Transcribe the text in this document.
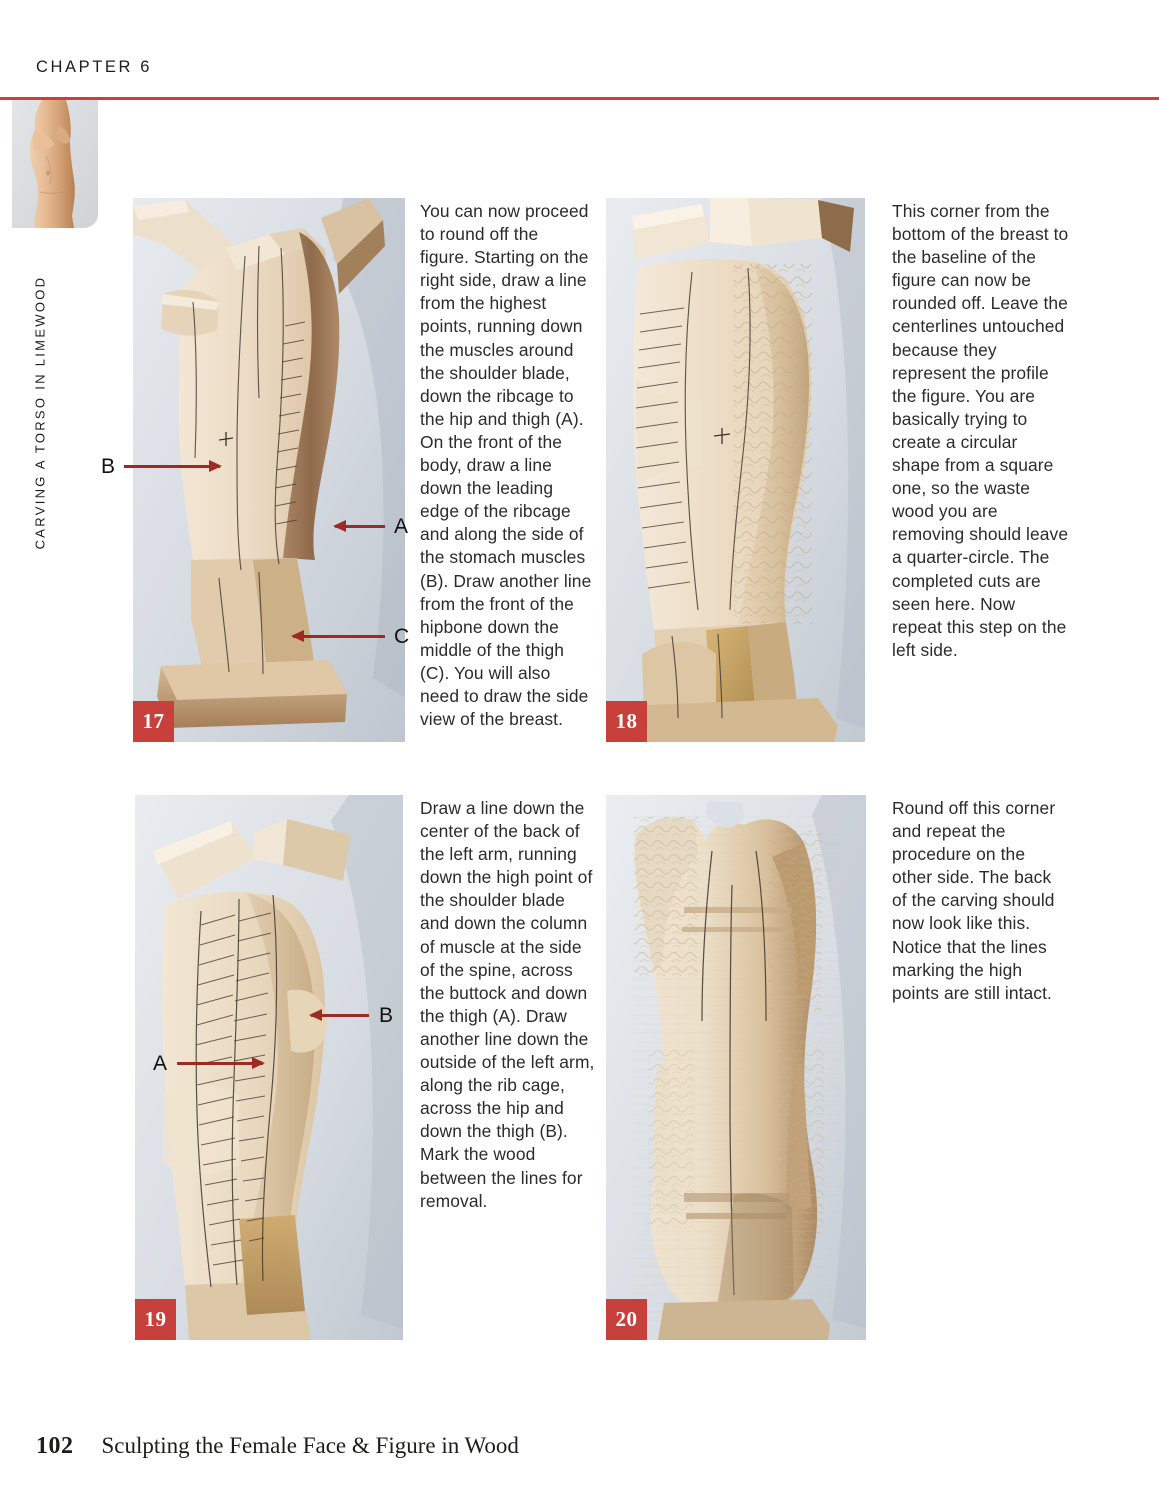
CHAPTER 6
CARVING A TORSO IN LIMEWOOD	B
A
C
17
You can now proceed to round off the figure. Starting on the right side, draw a line from the highest points, running down the muscles around the shoulder blade, down the ribcage to the hip and thigh (A). On the front of the body, draw a line down the leading edge of the ribcage and along the side of the stomach muscles (B). Draw another line from the front of the hipbone down the middle of the thigh (C). You will also need to draw the side view of the breast.	18
This corner from the bottom of the breast to the baseline of the figure can now be rounded off. Leave the centerlines untouched because they represent the profile the figure. You are basically trying to create a circular shape from a square one, so the waste wood you are removing should leave a quarter-circle. The completed cuts are seen here. Now repeat this step on the left side.
A
B
19
Draw a line down the center of the back of the left arm, running down the high point of the shoulder blade and down the column of muscle at the side of the spine, across the buttock and down the thigh (A). Draw another line down the outside of the left arm, along the rib cage, across the hip and down the thigh (B). Mark the wood between the lines for removal.
20
Round off this corner and repeat the procedure on the other side. The back of the carving should now look like this. Notice that the lines marking the high points are still intact.
102 Sculpting the Female Face & Figure in Wood
